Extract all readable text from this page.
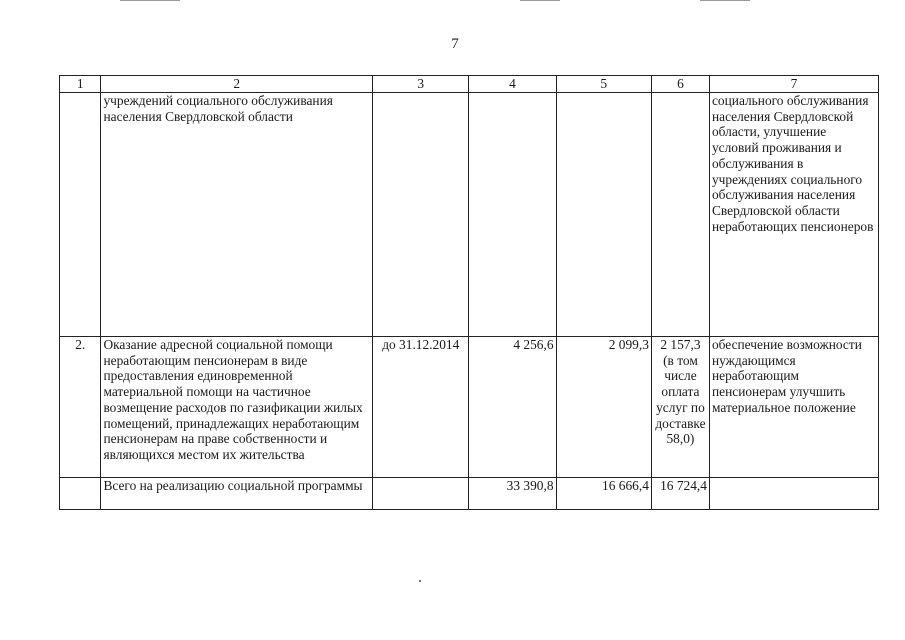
7
1	2	3	4	5	6	7
	учреждений социального обслуживания населения Свердловской области					социального обслуживания населения Свердловской области, улучшение условий проживания и обслуживания в учреждениях социального обслуживания населения Свердловской области неработающих пенсионеров
2.	Оказание адресной социальной помощи неработающим пенсионерам в виде предоставления единовременной материальной помощи на частичное возмещение расходов по газификации жилых помещений, принадлежащих неработающим пенсионерам на праве собственности и являющихся местом их жительства	до 31.12.2014	4 256,6	2 099,3	2 157,3 (в том числе оплата услуг по доставке 58,0)	обеспечение возможности нуждающимся неработающим пенсионерам улучшить материальное положение
	Всего на реализацию социальной программы		33 390,8	16 666,4	16 724,4	
